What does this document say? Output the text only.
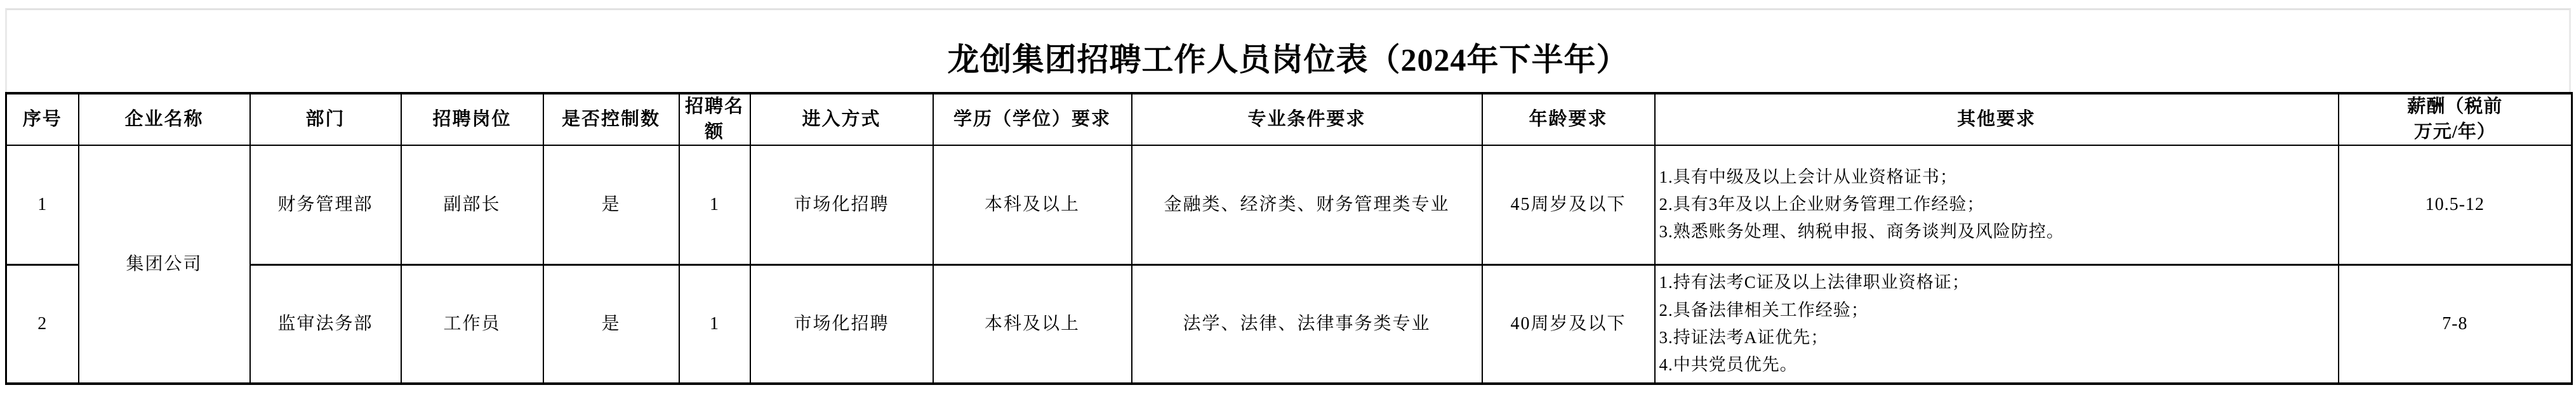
龙创集团招聘工作人员岗位表（2024年下半年）
序号	企业名称	部门	招聘岗位	是否控制数	招聘名额	进入方式	学历（学位）要求	专业条件要求	年龄要求	其他要求	薪酬（税前万元/年）
1	集团公司	财务管理部	副部长	是	1	市场化招聘	本科及以上	金融类、经济类、财务管理类专业	45周岁及以下	1.具有中级及以上会计从业资格证书；
2.具有3年及以上企业财务管理工作经验；
3.熟悉账务处理、纳税申报、商务谈判及风险防控。	10.5-12
2		监审法务部	工作员	是	1	市场化招聘	本科及以上	法学、法律、法律事务类专业	40周岁及以下	1.持有法考C证及以上法律职业资格证；
2.具备法律相关工作经验；
3.持证法考A证优先；
4.中共党员优先。	7-8
